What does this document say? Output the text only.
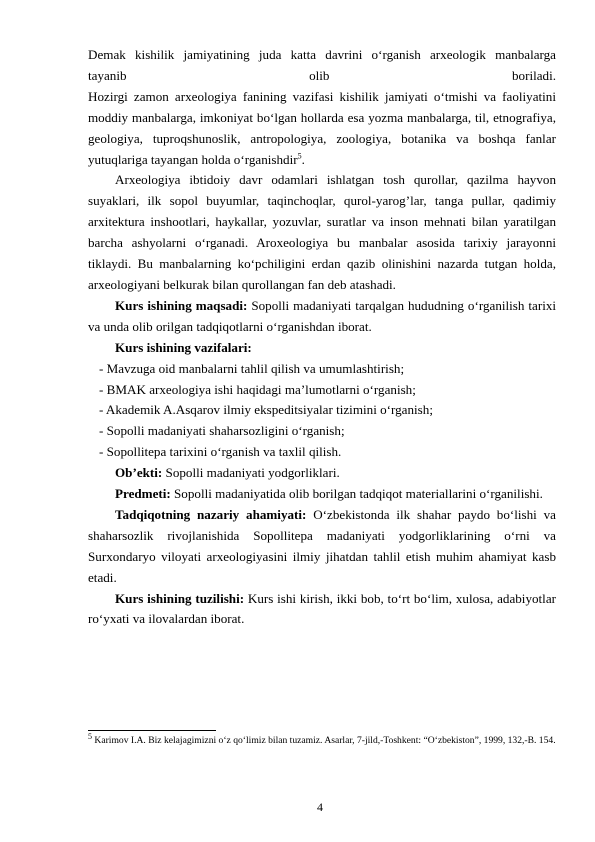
Demak kishilik jamiyatining juda katta davrini o‘rganish arxeologik manbalarga

tayanib olib boriladi.

Hozirgi zamon arxeologiya fanining vazifasi kishilik jamiyati o‘tmishi va faoliyatini moddiy manbalarga, imkoniyat bo‘lgan hollarda esa yozma manbalarga, til, etnografiya, geologiya, tuproqshunoslik, antropologiya, zoologiya, botanika va boshqa fanlar yutuqlariga tayangan holda o‘rganishdir$^5$.

Arxeologiya ibtidoiy davr odamlari ishlatgan tosh qurollar, qazilma hayvon suyaklari, ilk sopol buyumlar, taqinchoqlar, qurol-yarog’lar, tanga pullar, qadimiy arxitektura inshootlari, haykallar, yozuvlar, suratlar va inson mehnati bilan yaratilgan barcha ashyolarni o‘rganadi. Aroxeologiya bu manbalar asosida tarixiy jarayonni tiklaydi. Bu manbalarning ko‘pchiligini erdan qazib olinishini nazarda tutgan holda, arxeologiyani belkurak bilan qurollangan fan deb atashadi.

Kurs ishining maqsadi: Sopolli madaniyati tarqalgan hududning o‘rganilish tarixi va unda olib orilgan tadqiqotlarni o‘rganishdan iborat.

Kurs ishining vazifalari:

- Mavzuga oid manbalarni tahlil qilish va umumlashtirish;

- BMAK arxeologiya ishi haqidagi ma’lumotlarni o‘rganish;

- Akademik A.Asqarov ilmiy ekspeditsiyalar tizimini o‘rganish;

- Sopolli madaniyati shaharsozligini o‘rganish;

- Sopollitepa tarixini o‘rganish va taxlil qilish.

Ob’ekti: Sopolli madaniyati yodgorliklari.

Predmeti: Sopolli madaniyatida olib borilgan tadqiqot materiallarini o‘rganilishi.

Tadqiqotning nazariy ahamiyati: O‘zbekistonda ilk shahar paydo bo‘lishi va shaharsozlik rivojlanishida Sopollitepa madaniyati yodgorliklarining o‘rni va Surxondaryo viloyati arxeologiyasini ilmiy jihatdan tahlil etish muhim ahamiyat kasb etadi.

Kurs ishining tuzilishi: Kurs ishi kirish, ikki bob, to‘rt bo‘lim, xulosa, adabiyotlar ro‘yxati va ilovalardan iborat.

$^5$ Karimov I.A. Biz kelajagimizni o‘z qo‘limiz bilan tuzamiz. Asarlar, 7-jild,-Toshkent: “O‘zbekiston”, 1999, 132,-B. 154.
4
